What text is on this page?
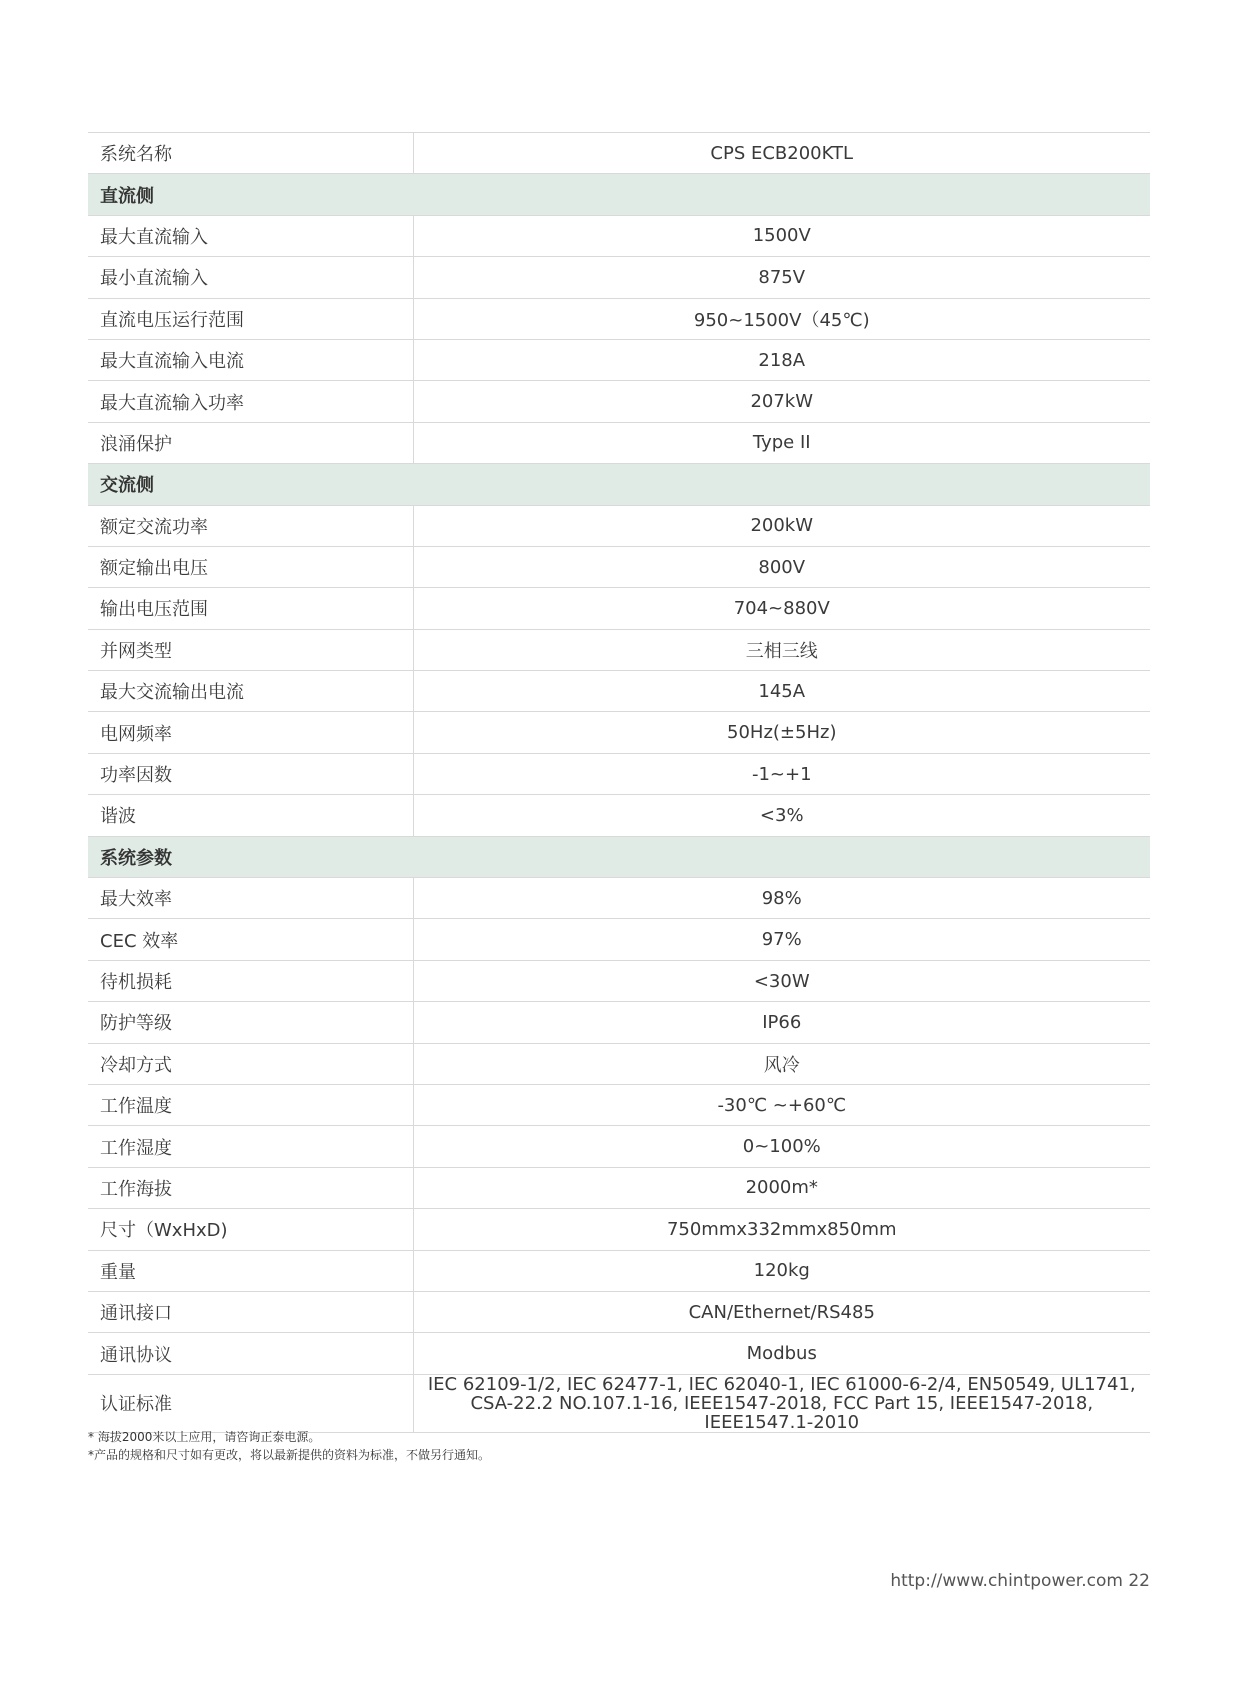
系统名称	CPS ECB200KTL
直流侧	
最大直流输入	1500V
最小直流输入	875V
直流电压运行范围	950~1500V（45℃)
最大直流输入电流	218A
最大直流输入功率	207kW
浪涌保护	Type II
交流侧	
额定交流功率	200kW
额定输出电压	800V
输出电压范围	704~880V
并网类型	三相三线
最大交流输出电流	145A
电网频率	50Hz(±5Hz)
功率因数	-1~+1
谐波	<3%
系统参数	
最大效率	98%
CEC 效率	97%
待机损耗	<30W
防护等级	IP66
冷却方式	风冷
工作温度	-30℃ ~+60℃
工作湿度	0~100%
工作海拔	2000m*
尺寸（WxHxD)	750mmx332mmx850mm
重量	120kg
通讯接口	CAN/Ethernet/RS485
通讯协议	Modbus
认证标准	IEC 62109-1/2, IEC 62477-1, IEC 62040-1, IEC 61000-6-2/4, EN50549, UL1741,
CSA-22.2 NO.107.1-16, IEEE1547-2018, FCC Part 15, IEEE1547-2018, IEEE1547.1-2010
* 海拔2000米以上应用，请咨询正泰电源。
*产品的规格和尺寸如有更改，将以最新提供的资料为标准，不做另行通知。
http://www.chintpower.com 22
